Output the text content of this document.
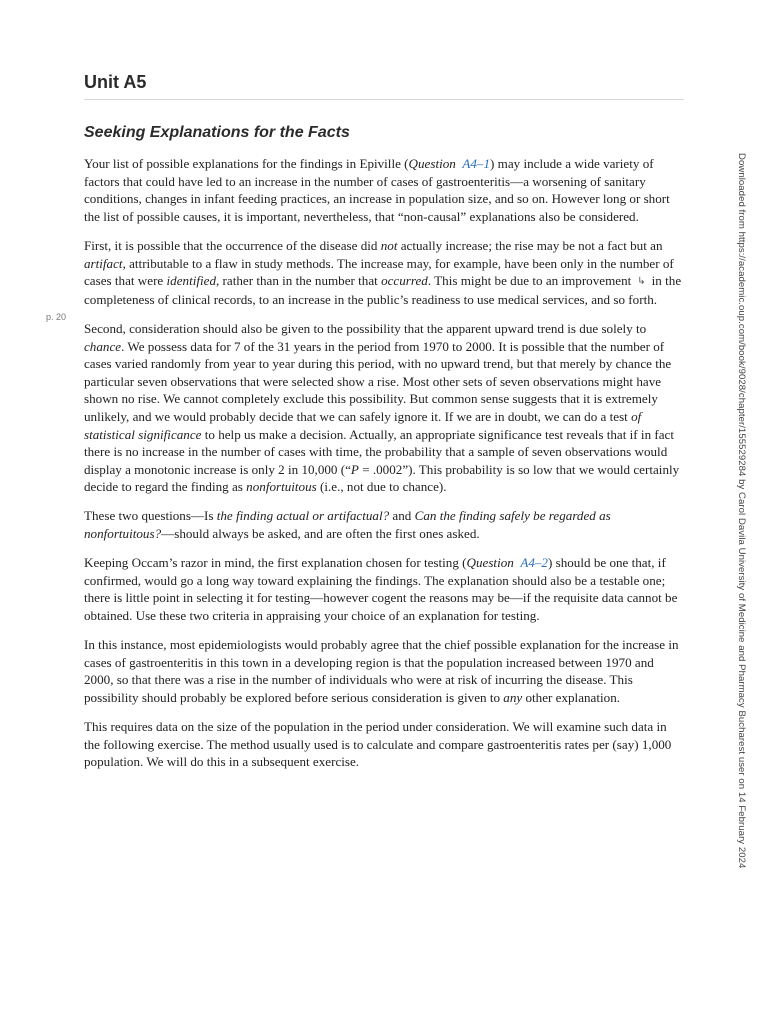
Unit A5
Seeking Explanations for the Facts
p. 20

Your list of possible explanations for the findings in Epiville (Question A4–1) may include a wide variety of factors that could have led to an increase in the number of cases of gastroenteritis—a worsening of sanitary conditions, changes in infant feeding practices, an increase in population size, and so on. However long or short the list of possible causes, it is important, nevertheless, that “non-causal” explanations also be considered.

First, it is possible that the occurrence of the disease did not actually increase; the rise may be not a fact but an artifact, attributable to a flaw in study methods. The increase may, for example, have been only in the number of cases that were identified, rather than in the number that occurred. This might be due to an improvement ↳ in the completeness of clinical records, to an increase in the public’s readiness to use medical services, and so forth.

Second, consideration should also be given to the possibility that the apparent upward trend is due solely to chance. We possess data for 7 of the 31 years in the period from 1970 to 2000. It is possible that the number of cases varied randomly from year to year during this period, with no upward trend, but that merely by chance the particular seven observations that were selected show a rise. Most other sets of seven observations might have shown no rise. We cannot completely exclude this possibility. But common sense suggests that it is extremely unlikely, and we would probably decide that we can safely ignore it. If we are in doubt, we can do a test of statistical significance to help us make a decision. Actually, an appropriate significance test reveals that if in fact there is no increase in the number of cases with time, the probability that a sample of seven observations would display a monotonic increase is only 2 in 10,000 (“P = .0002”). This probability is so low that we would certainly decide to regard the finding as nonfortuitous (i.e., not due to chance).

These two questions—Is the finding actual or artifactual? and Can the finding safely be regarded as nonfortuitous?—should always be asked, and are often the first ones asked.

Keeping Occam’s razor in mind, the first explanation chosen for testing (Question A4–2) should be one that, if confirmed, would go a long way toward explaining the findings. The explanation should also be a testable one; there is little point in selecting it for testing—however cogent the reasons may be—if the requisite data cannot be obtained. Use these two criteria in appraising your choice of an explanation for testing.

In this instance, most epidemiologists would probably agree that the chief possible explanation for the increase in cases of gastroenteritis in this town in a developing region is that the population increased between 1970 and 2000, so that there was a rise in the number of individuals who were at risk of incurring the disease. This possibility should probably be explored before serious consideration is given to any other explanation.

This requires data on the size of the population in the period under consideration. We will examine such data in the following exercise. The method usually used is to calculate and compare gastroenteritis rates per (say) 1,000 population. We will do this in a subsequent exercise.	Downloaded from https://academic.oup.com/book/9028/chapter/155529284 by Carol Davila University of Medicine and Pharmacy Bucharest user on 14 February 2024
